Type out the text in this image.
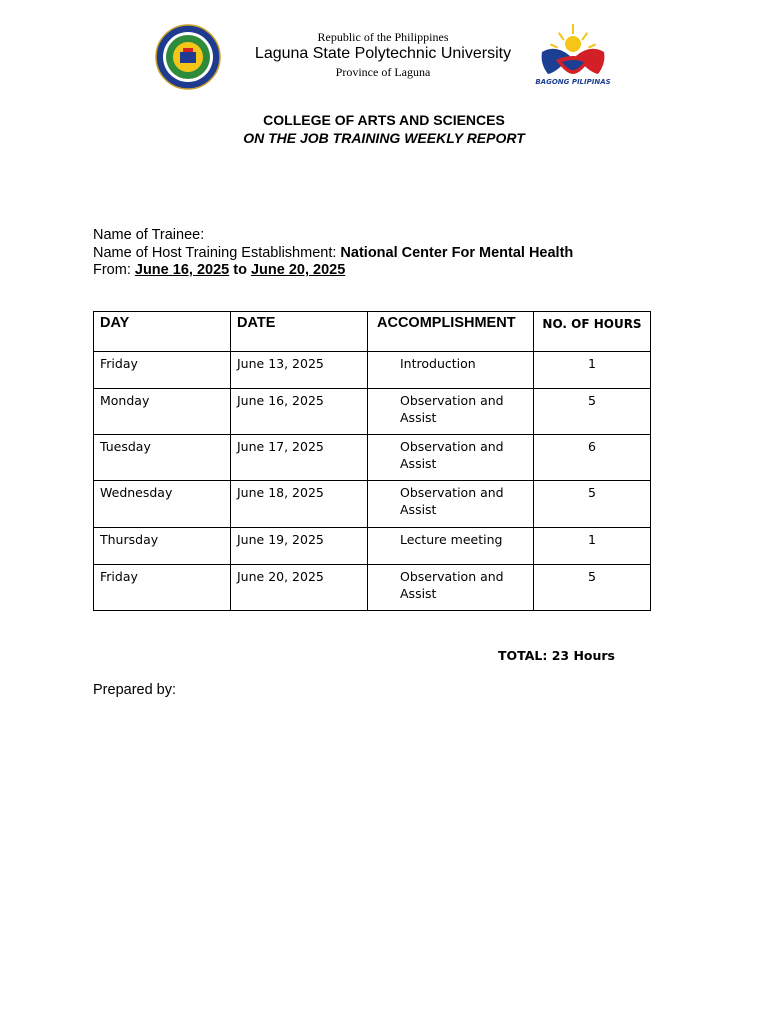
Republic of the Philippines
Laguna State Polytechnic University
Province of Laguna
BAGONG PILIPINAS
COLLEGE OF ARTS AND SCIENCES
ON THE JOB TRAINING WEEKLY REPORT
Name of Trainee:
Name of Host Training Establishment: National Center For Mental Health
From: June 16, 2025 to June 20, 2025
DAY	DATE	ACCOMPLISHMENT	NO. OF HOURS
Friday	June 13, 2025	Introduction	1
Monday	June 16, 2025	Observation and Assist	5
Tuesday	June 17, 2025	Observation and Assist	6
Wednesday	June 18, 2025	Observation and Assist	5
Thursday	June 19, 2025	Lecture meeting	1
Friday	June 20, 2025	Observation and Assist	5
TOTAL: 23 Hours
Prepared by:
